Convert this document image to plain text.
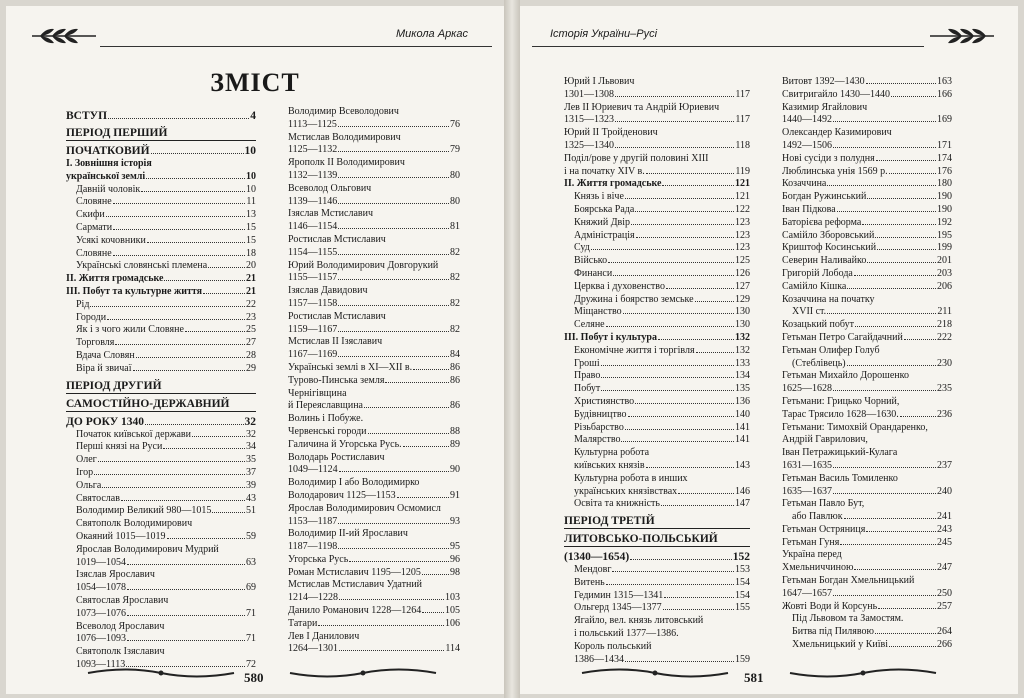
Микола Аркас
ЗМІСТ
ВСТУП	4
ПЕРІОД ПЕРШИЙ
ПОЧАТКОВИЙ	10
I. Зовнішня історія
української землі	10
Давній чоловік	10
Словяне	11
Скифи	13
Сармати	15
Усякі кочовники	15
Словяне	18
Українські словянські племена	20
II. Життя громадське	21
III. Побут та культурне життя	21
Рід	22
Городи	23
Як і з чого жили Словяне	25
Торговля	27
Вдача Словян	28
Віра й звичаї	29
ПЕРІОД ДРУГИЙ
САМОСТІЙНО-ДЕРЖАВНИЙ
ДО РОКУ 1340	32
Початок київської держави	32
Перші князі на Руси	34
Олег	35
Ігор	37
Ольга	39
Святослав	43
Володимир Великий 980—1015	51
Святополк Володимирович
Окаяний 1015—1019	59
Ярослав Володимирович Мудрий
1019—1054	63
Ізяслав Ярославич
1054—1078	69
Святослав Ярославич
1073—1076	71
Всеволод Ярославич
1076—1093	71
Святополк Ізяславич
1093—1113	72
Володимир Всеволодович
1113—1125	76
Мстислав Володимирович
1125—1132	79
Ярополк II Володимирович
1132—1139	80
Всеволод Ольгович
1139—1146	80
Ізяслав Мстиславич
1146—1154	81
Ростислав Мстиславич
1154—1155	82
Юрий Володимирович Довгорукий
1155—1157	82
Ізяслав Давидович
1157—1158	82
Ростислав Мстиславич
1159—1167	82
Мстислав II Ізяславич
1167—1169	84
Українські землі в XI—XII в.	86
Турово-Пинська земля	86
Чернігівщина
й Переяславщина	86
Волинь і Побуже.
Червенські городи	88
Галичина й Угорська Русь.	89
Володарь Ростиславич
1049—1124	90
Володимир I або Володимирко
Володарович 1125—1153	91
Ярослав Володимирович Осмомисл
1153—1187	93
Володимир II-ий Ярославич
1187—1198	95
Угорська Русь	96
Роман Мстиславич 1195—1205	98
Мстислав Мстиславич Удатний
1214—1228	103
Данило Романович 1228—1264 105
Татари	106
Лев I Данилович
1264—1301	114
580
Історія України–Русі
Юрий I Львович
1301—1308	117
Лев II Юриевич та Андрій Юриевич
1315—1323	117
Юрий II Тройденович
1325—1340	118
Поділ/рове у другій половині XIII
і на початку XIV в.	119
II. Життя громадське	121
Князь і віче	121
Боярська Рада	122
Княжий Двір	123
Адміністрація	123
Суд	123
Військо	125
Финанси	126
Церква і духовенство	127
Дружина і боярство земське	129
Міщанство	130
Селяне	130
III. Побут і культура	132
Економічне життя і торгівля	132
Гроші	133
Право	134
Побут	135
Християнство	136
Будівництво	140
Різьбарство	141
Малярство	141
Культурна робота
київських князів	143
Культурна робота в инших
українських князівствах	146
Освіта та книжність	147
ПЕРІОД ТРЕТІЙ
ЛИТОВСЬКО-ПОЛЬСЬКИЙ
(1340—1654)	152
Мендовг	153
Витень	154
Гедимин 1315—1341	154
Ольгерд 1345—1377	155
Ягайло, вел. князь литовський
і польський 1377—1386.
Король польський
1386—1434	159
Витовт 1392—1430	163
Свитригайло 1430—1440	166
Казимир Ягайлович
1440—1492	169
Олександер Казимирович
1492—1506	171
Нові сусіди з полудня	174
Люблинська унія 1569 р.	176
Козаччина	180
Богдан Ружинський	190
Іван Підкова	190
Баторієва реформа	192
Самійло Зборовський	195
Криштоф Косинський	199
Северин Наливайко	201
Григорій Лобода	203
Самійло Кішка	206
Козаччина на початку
XVII ст.	211
Козацький побут	218
Гетьман Петро Сагайдачний	222
Гетьман Олифер Голуб
(Стеблівець)	230
Гетьман Михайло Дорошенко
1625—1628	235
Гетьмани: Грицько Чорний,
Тарас Трясило 1628—1630.	236
Гетьмани: Тимохвій Орандаренко,
Андрій Гаврилович,
Іван Петражицький-Кулага
1631—1635	237
Гетьман Василь Томиленко
1635—1637	240
Гетьман Павло Бут,
або Павлюк	241
Гетьман Остряниця	243
Гетьман Гуня	245
Україна перед
Хмельниччиною	247
Гетьман Богдан Хмельницький
1647—1657	250
Жовті Води й Корсунь	257
Під Львовом та Замостям.
Битва під Пилявою	264
Хмельницький у Київі	266
581
